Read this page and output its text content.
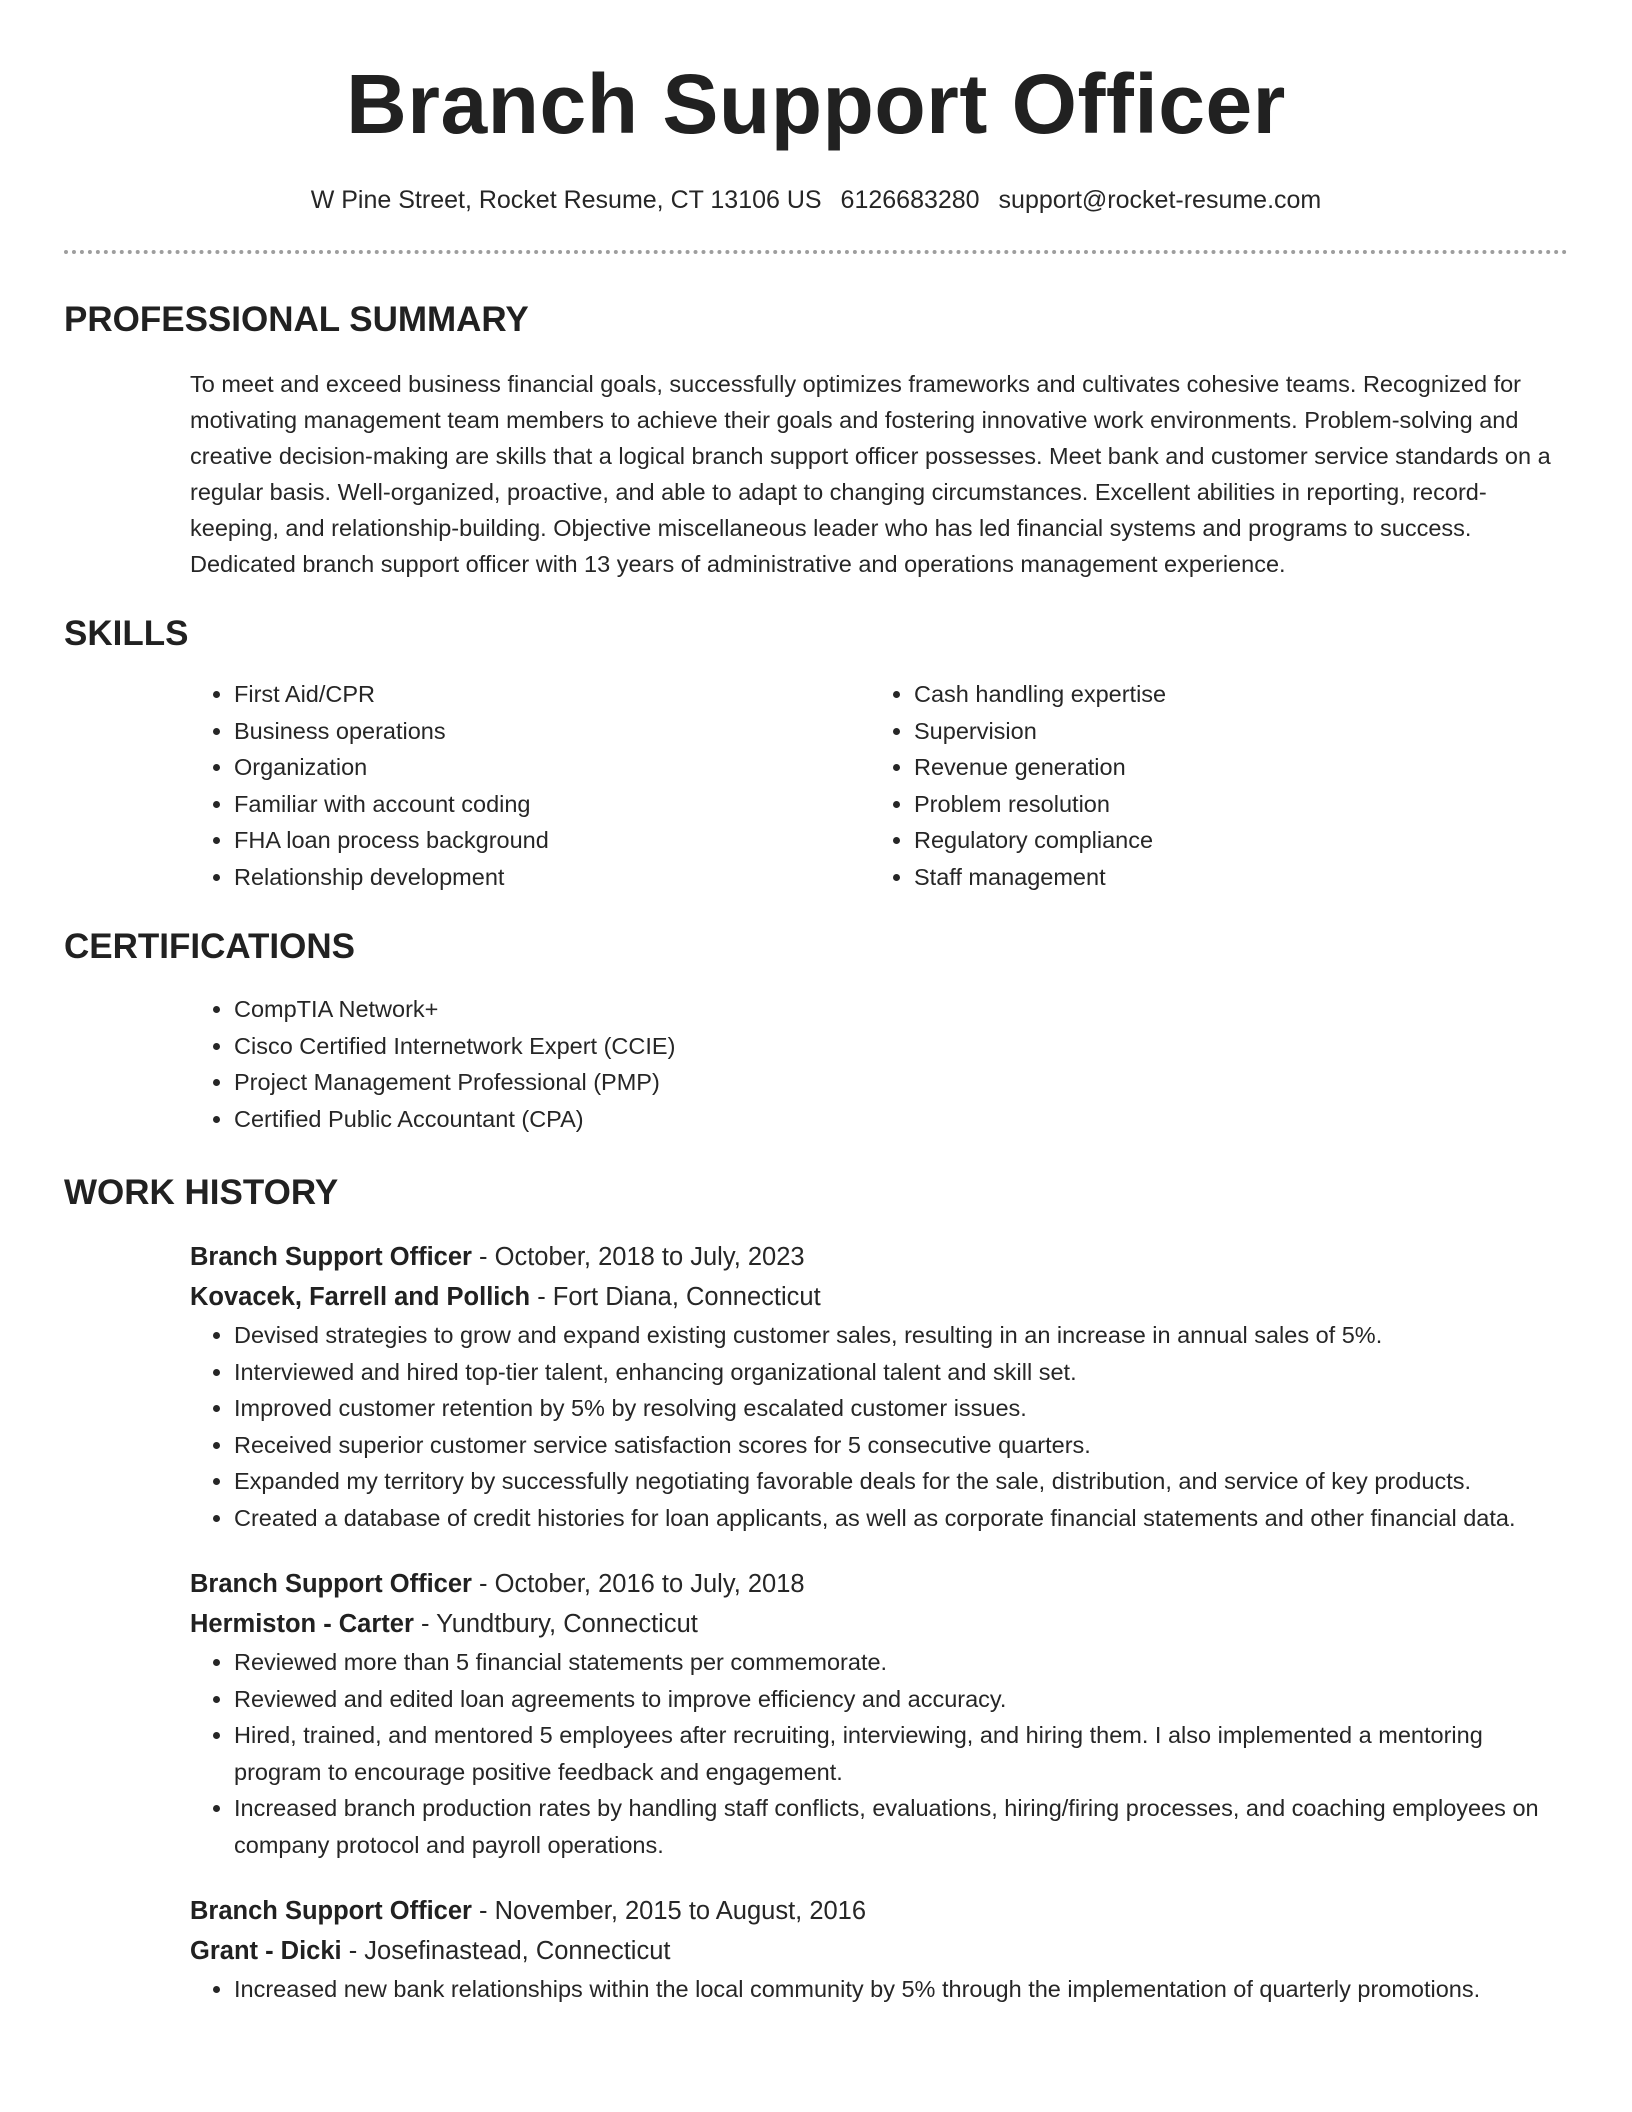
Branch Support Officer
W Pine Street, Rocket Resume, CT 13106 US 6126683280 support@rocket-resume.com
PROFESSIONAL SUMMARY
To meet and exceed business financial goals, successfully optimizes frameworks and cultivates cohesive teams. Recognized for motivating management team members to achieve their goals and fostering innovative work environments. Problem-solving and creative decision-making are skills that a logical branch support officer possesses. Meet bank and customer service standards on a regular basis. Well-organized, proactive, and able to adapt to changing circumstances. Excellent abilities in reporting, record-keeping, and relationship-building. Objective miscellaneous leader who has led financial systems and programs to success. Dedicated branch support officer with 13 years of administrative and operations management experience.
SKILLS
• First Aid/CPR
• Business operations
• Organization
• Familiar with account coding
• FHA loan process background
• Relationship development
• Cash handling expertise
• Supervision
• Revenue generation
• Problem resolution
• Regulatory compliance
• Staff management
CERTIFICATIONS
• CompTIA Network+
• Cisco Certified Internetwork Expert (CCIE)
• Project Management Professional (PMP)
• Certified Public Accountant (CPA)
WORK HISTORY
Branch Support Officer - October, 2018 to July, 2023
Kovacek, Farrell and Pollich - Fort Diana, Connecticut
• Devised strategies to grow and expand existing customer sales, resulting in an increase in annual sales of 5%.
• Interviewed and hired top-tier talent, enhancing organizational talent and skill set.
• Improved customer retention by 5% by resolving escalated customer issues.
• Received superior customer service satisfaction scores for 5 consecutive quarters.
• Expanded my territory by successfully negotiating favorable deals for the sale, distribution, and service of key products.
• Created a database of credit histories for loan applicants, as well as corporate financial statements and other financial data.
Branch Support Officer - October, 2016 to July, 2018
Hermiston - Carter - Yundtbury, Connecticut
• Reviewed more than 5 financial statements per commemorate.
• Reviewed and edited loan agreements to improve efficiency and accuracy.
• Hired, trained, and mentored 5 employees after recruiting, interviewing, and hiring them. I also implemented a mentoring program to encourage positive feedback and engagement.
• Increased branch production rates by handling staff conflicts, evaluations, hiring/firing processes, and coaching employees on company protocol and payroll operations.
Branch Support Officer - November, 2015 to August, 2016
Grant - Dicki - Josefinastead, Connecticut
• Increased new bank relationships within the local community by 5% through the implementation of quarterly promotions.
